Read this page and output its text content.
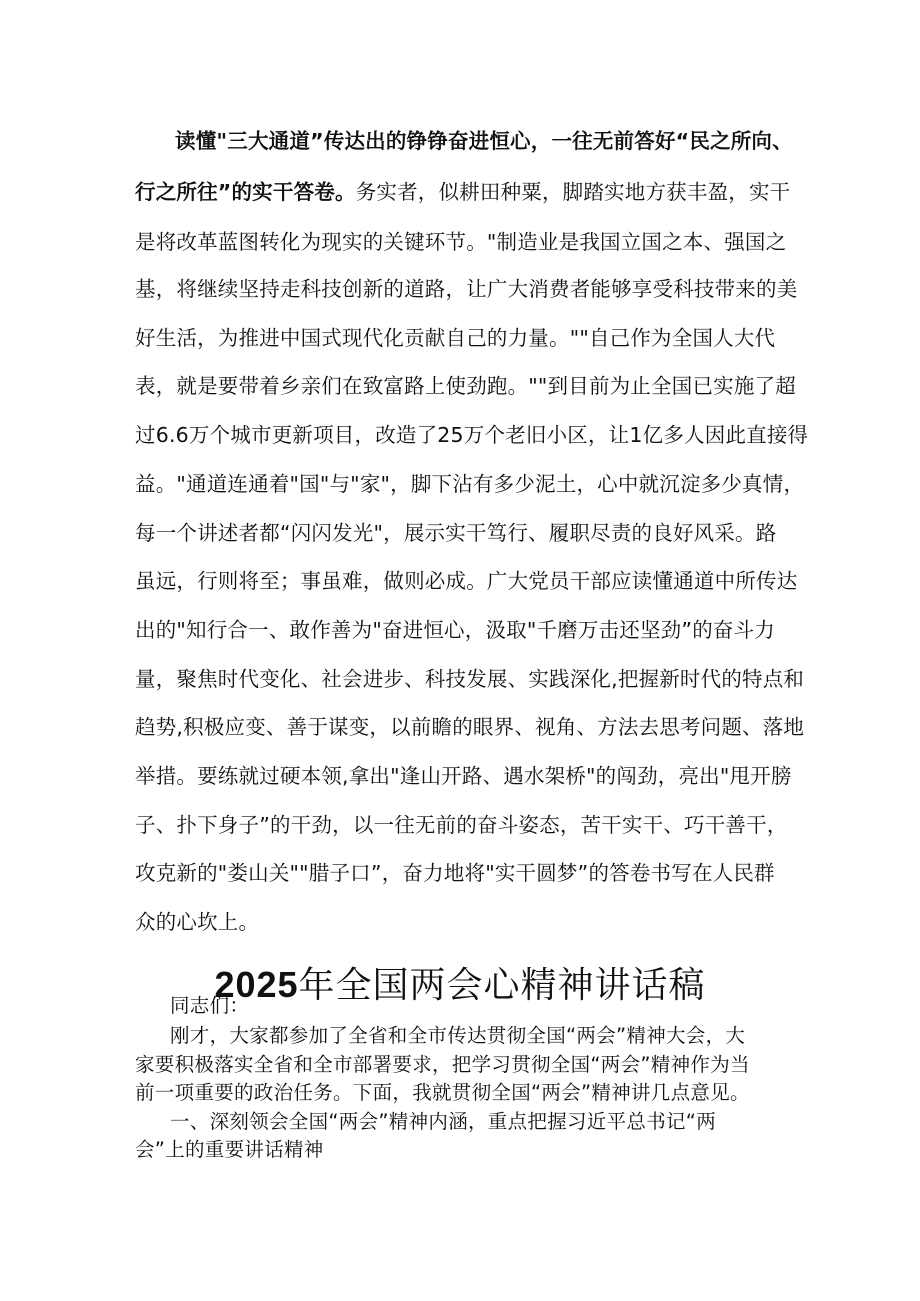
读懂"三大通道”传达出的铮铮奋进恒心，一往无前答好“民之所向、

行之所往”的实干答卷。务实者，似耕田种粟，脚踏实地方获丰盈，实干

是将改革蓝图转化为现实的关键环节。"制造业是我国立国之本、强国之

基，将继续坚持走科技创新的道路，让广大消费者能够享受科技带来的美

好生活，为推进中国式现代化贡献自己的力量。""自己作为全国人大代

表，就是要带着乡亲们在致富路上使劲跑。""到目前为止全国已实施了超

过6.6万个城市更新项目，改造了25万个老旧小区，让1亿多人因此直接得

益。"通道连通着"国"与"家"，脚下沾有多少泥土，心中就沉淀多少真情，

每一个讲述者都“闪闪发光"，展示实干笃行、履职尽责的良好风采。路

虽远，行则将至；事虽难，做则必成。广大党员干部应读懂通道中所传达

出的"知行合一、敢作善为"奋进恒心，汲取"千磨万击还坚劲”的奋斗力

量，聚焦时代变化、社会进步、科技发展、实践深化,把握新时代的特点和

趋势,积极应变、善于谋变，以前瞻的眼界、视角、方法去思考问题、落地

举措。要练就过硬本领,拿出"逢山开路、遇水架桥"的闯劲，亮出"甩开膀

子、扑下身子”的干劲，以一往无前的奋斗姿态，苦干实干、巧干善干，

攻克新的"娄山关""腊子口”，奋力地将"实干圆梦”的答卷书写在人民群

众的心坎上。

2025年全国两会心精神讲话稿

同志们：

刚才，大家都参加了全省和全市传达贯彻全国“两会”精神大会，大

家要积极落实全省和全市部署要求，把学习贯彻全国“两会”精神作为当

前一项重要的政治任务。下面，我就贯彻全国“两会”精神讲几点意见。

一、深刻领会全国“两会”精神内涵，重点把握习近平总书记“两

会”上的重要讲话精神
